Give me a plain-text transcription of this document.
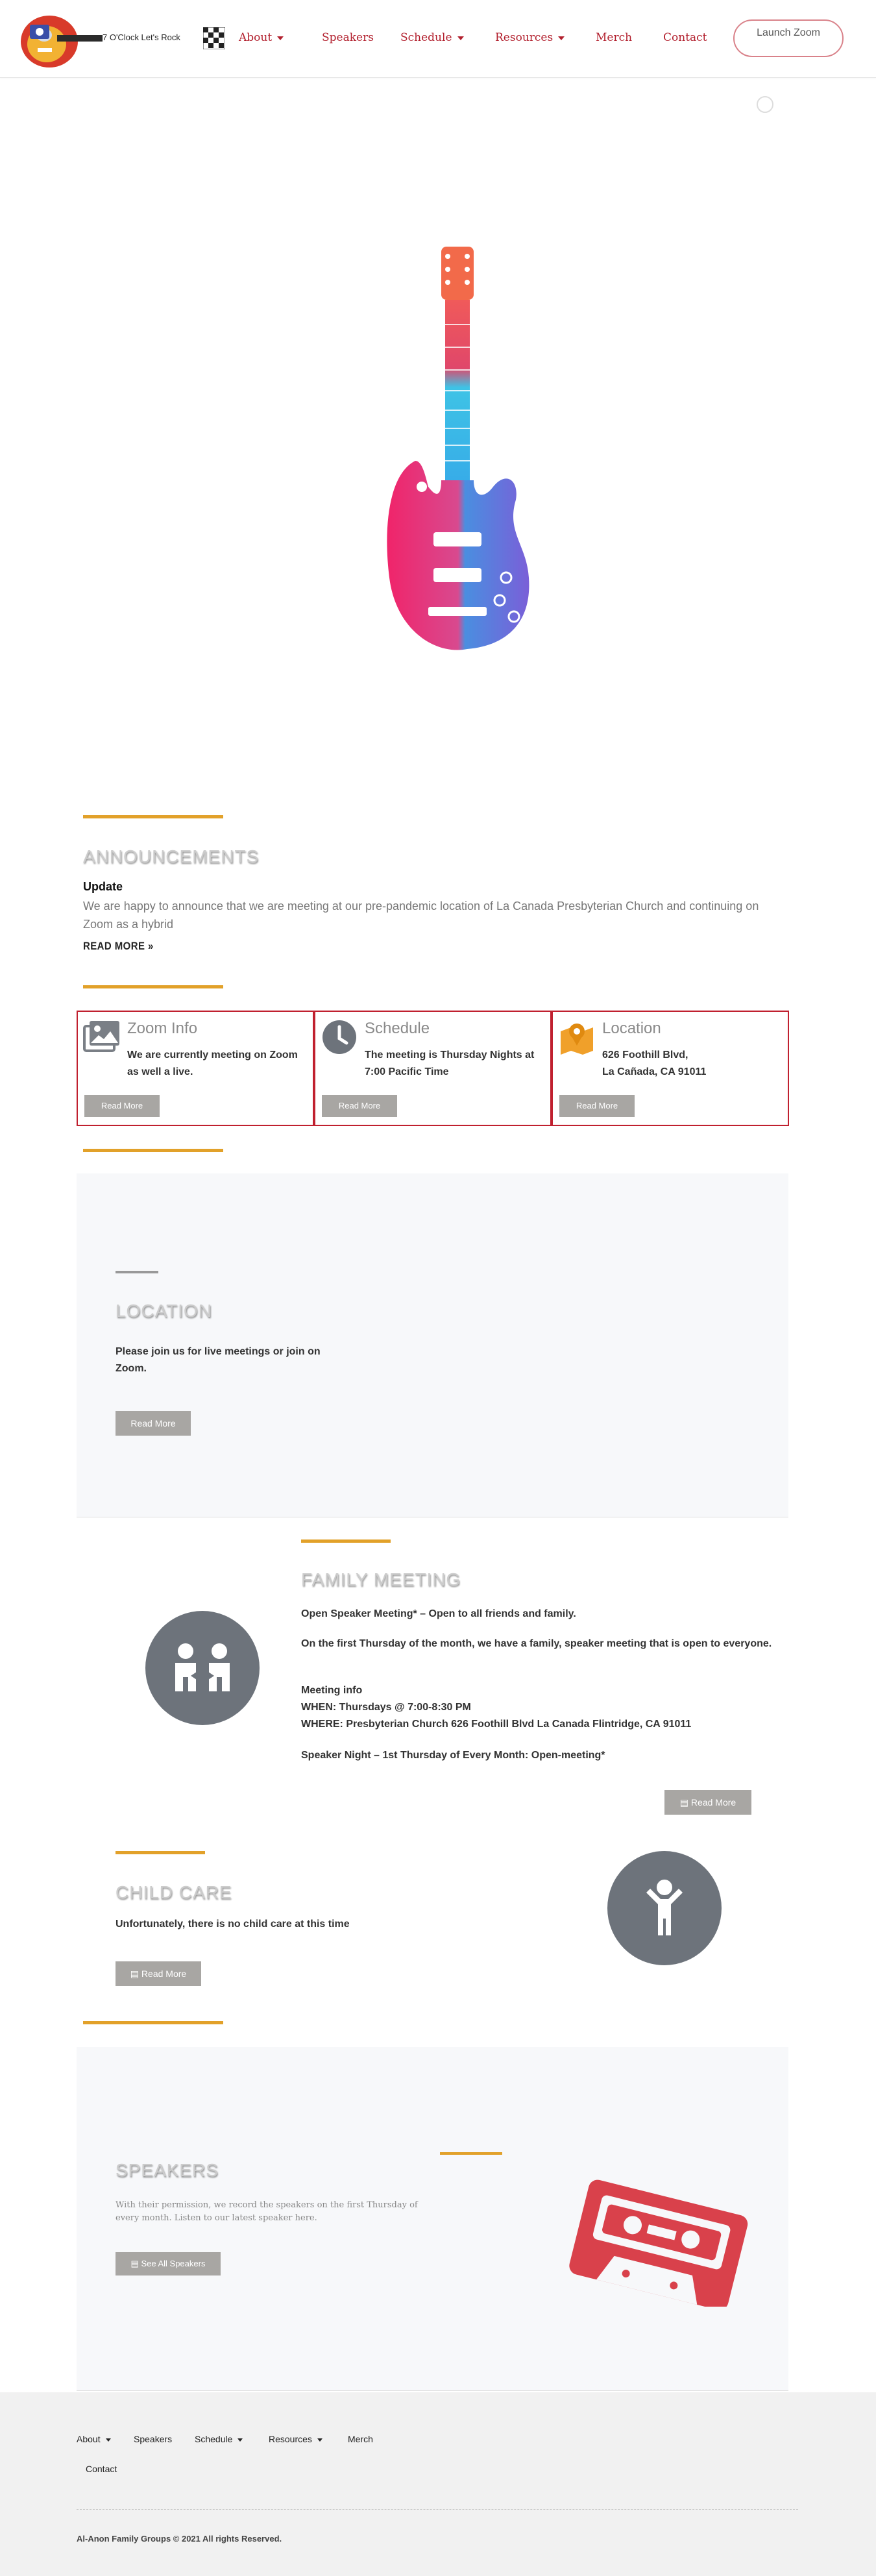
7 O'Clock Let's Rock	About	Speakers Schedule	Resources	Merch	Contact	Launch Zoom
ANNOUNCEMENTS
Update
We are happy to announce that we are meeting at our pre-pandemic location of La Canada Presbyterian Church and continuing on Zoom as a hybrid
READ MORE »
Zoom Info
We are currently meeting on Zoom as well a live.
Read More
Schedule
The meeting is Thursday Nights at 7:00 Pacific Time
Read More
Location
626 Foothill Blvd,
La Cañada, CA 91011
Read More
LOCATION
Please join us for live meetings or join on Zoom.
Read More
FAMILY MEETING
Open Speaker Meeting* – Open to all friends and family.
On the first Thursday of the month, we have a family, speaker meeting that is open to everyone.
Meeting info
WHEN: Thursdays @ 7:00-8:30 PM
WHERE: Presbyterian Church 626 Foothill Blvd La Canada Flintridge, CA 91011
Speaker Night – 1st Thursday of Every Month: Open-meeting*
▤ Read More
CHILD CARE
Unfortunately, there is no child care at this time
▤ Read More
SPEAKERS
With their permission, we record the speakers on the first Thursday of every month. Listen to our latest speaker here.
▤ See All Speakers
About	Speakers Schedule	Resources	Merch
Contact
Al-Anon Family Groups © 2021 All rights Reserved.
